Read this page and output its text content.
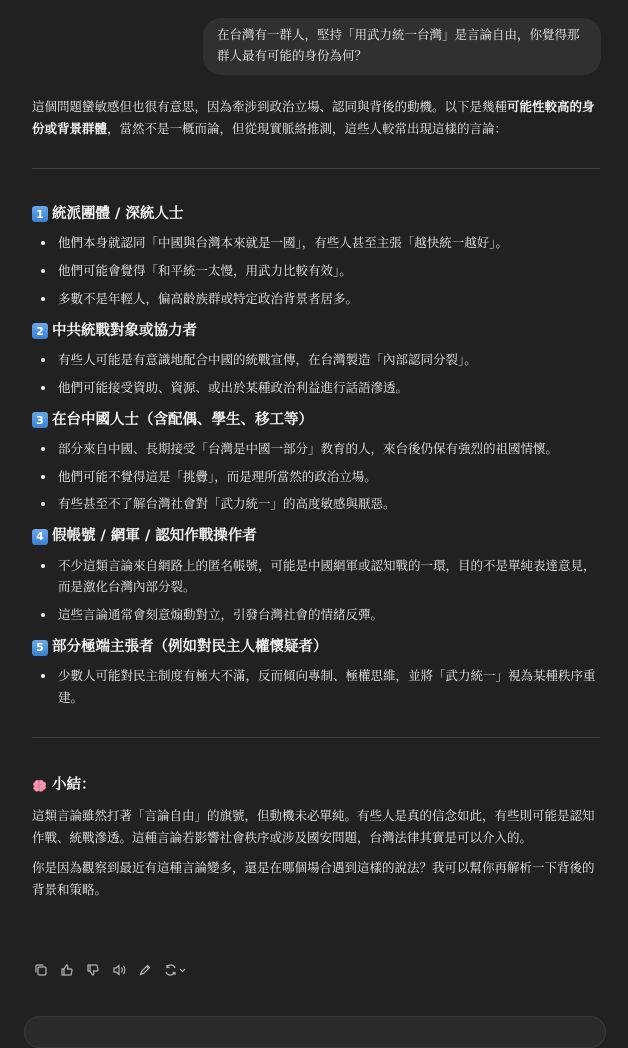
在台灣有一群人，堅持「用武力統一台灣」是言論自由，你覺得那群人最有可能的身份為何？

這個問題蠻敏感但也很有意思，因為牽涉到政治立場、認同與背後的動機。以下是幾種可能性較高的身份或背景群體，當然不是一概而論，但從現實脈絡推測，這些人較常出現這樣的言論：

1 統派團體 / 深統人士
• 他們本身就認同「中國與台灣本來就是一國」，有些人甚至主張「越快統一越好」。
• 他們可能會覺得「和平統一太慢，用武力比較有效」。
• 多數不是年輕人，偏高齡族群或特定政治背景者居多。
2 中共統戰對象或協力者
• 有些人可能是有意識地配合中國的統戰宣傳，在台灣製造「內部認同分裂」。
• 他們可能接受資助、資源、或出於某種政治利益進行話語滲透。
3 在台中國人士（含配偶、學生、移工等）
• 部分來自中國、長期接受「台灣是中國一部分」教育的人，來台後仍保有強烈的祖國情懷。
• 他們可能不覺得這是「挑釁」，而是理所當然的政治立場。
• 有些甚至不了解台灣社會對「武力統一」的高度敏感與厭惡。
4 假帳號 / 網軍 / 認知作戰操作者
• 不少這類言論來自網路上的匿名帳號，可能是中國網軍或認知戰的一環，目的不是單純表達意見，而是激化台灣內部分裂。
• 這些言論通常會刻意煽動對立，引發台灣社會的情緒反彈。
5 部分極端主張者（例如對民主人權懷疑者）
• 少數人可能對民主制度有極大不滿，反而傾向專制、極權思維，並將「武力統一」視為某種秩序重建。
小結：

這類言論雖然打著「言論自由」的旗號，但動機未必單純。有些人是真的信念如此，有些則可能是認知作戰、統戰滲透。這種言論若影響社會秩序或涉及國安問題，台灣法律其實是可以介入的。

你是因為觀察到最近有這種言論變多，還是在哪個場合遇到這樣的說法？我可以幫你再解析一下背後的背景和策略。
